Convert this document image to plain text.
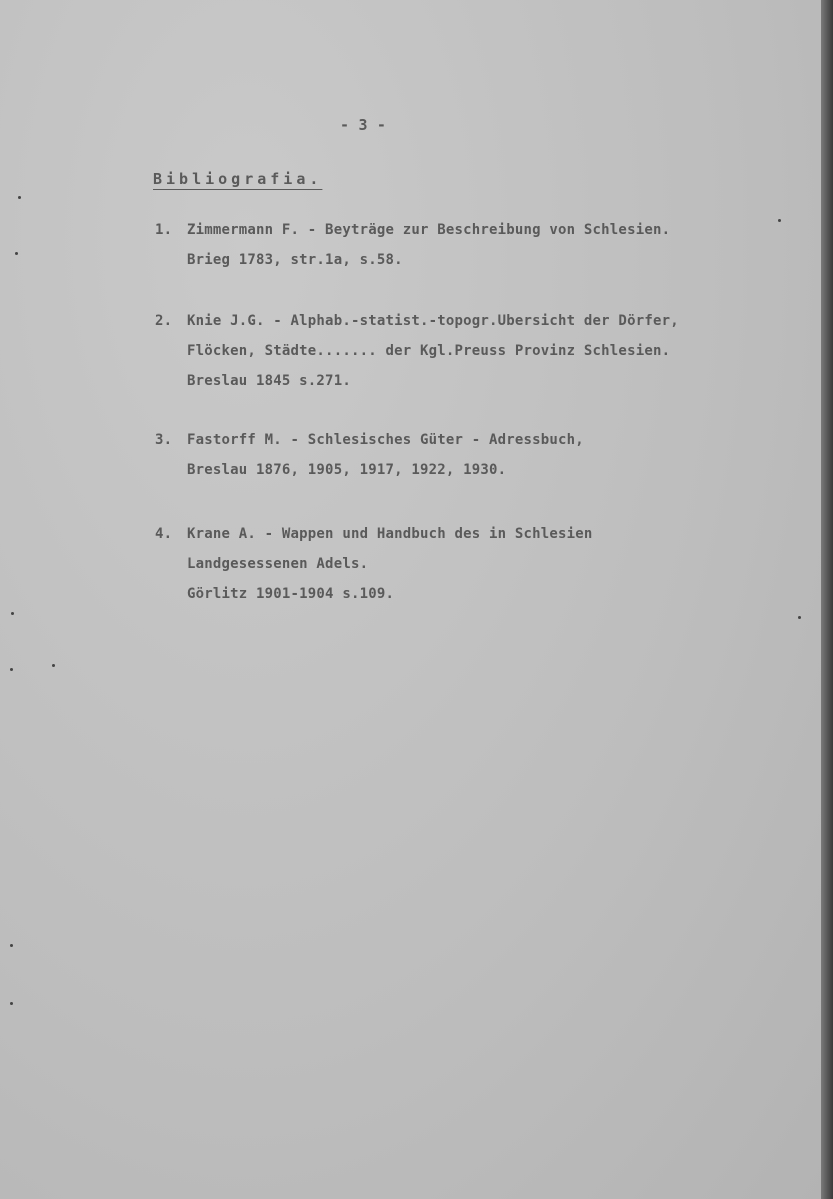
- 3 -
Bibliografia.
1. Zimmermann F. - Beyträge zur Beschreibung von Schlesien.
Brieg 1783, str.1a, s.58.
2. Knie J.G. - Alphab.-statist.-topogr.Ubersicht der Dörfer,
Flöcken, Städte....... der Kgl.Preuss Provinz Schlesien.
Breslau 1845 s.271.
3. Fastorff M. - Schlesisches Güter - Adressbuch,
Breslau 1876, 1905, 1917, 1922, 1930.
4. Krane A. - Wappen und Handbuch des in Schlesien
Landgesessenen Adels.
Görlitz 1901-1904 s.109.
